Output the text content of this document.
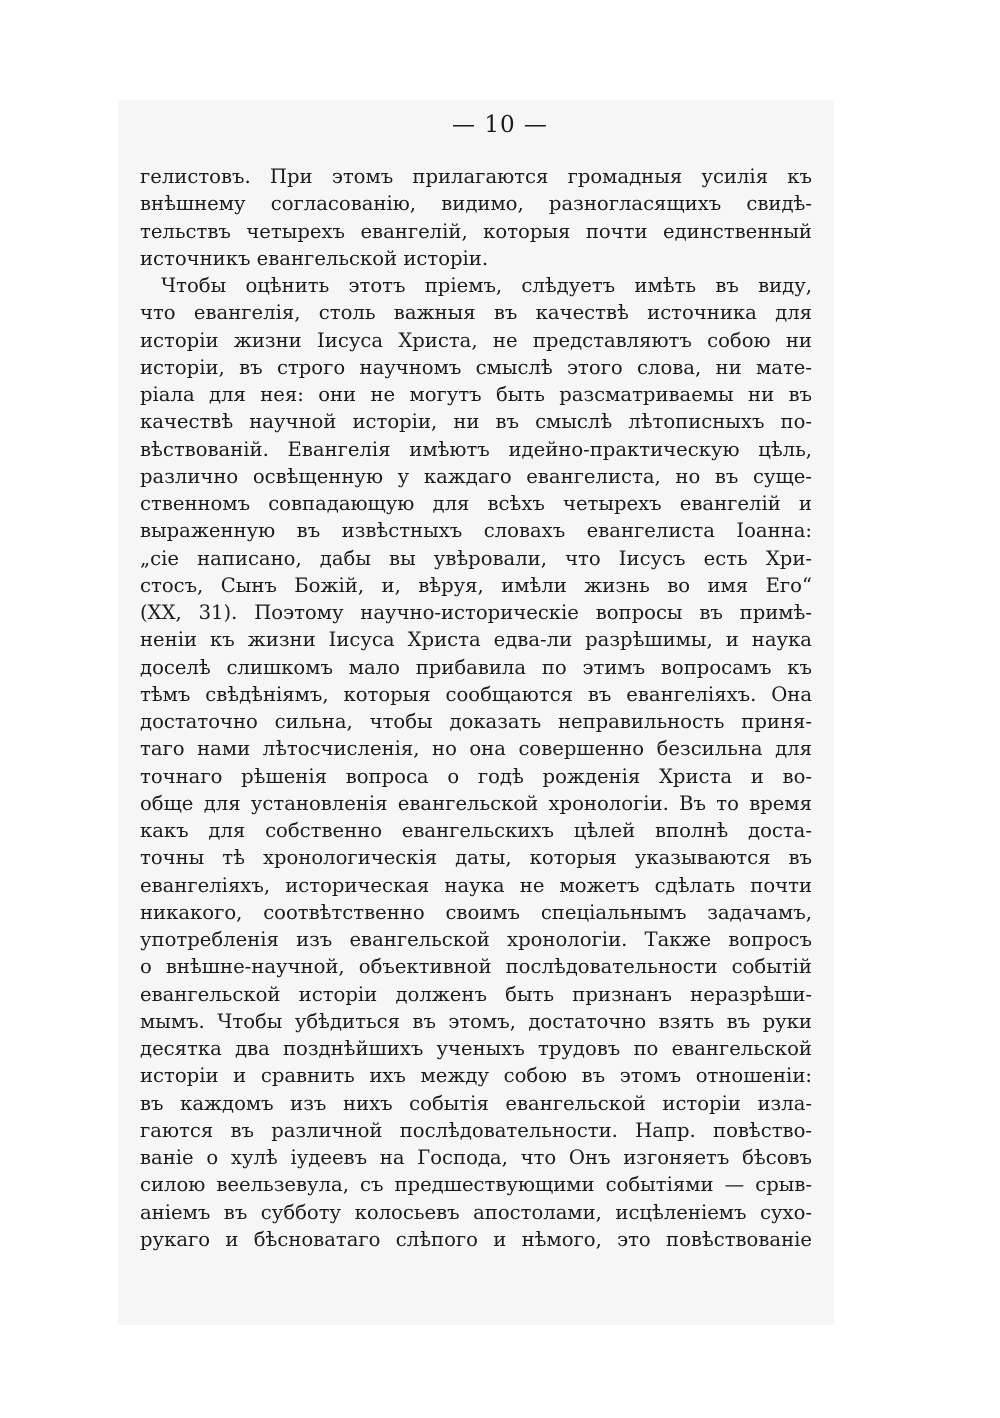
— 10 —
гелистовъ. При этомъ прилагаются громадныя усилія къ
внѣшнему согласованію, видимо, разногласящихъ свидѣ-
тельствъ четырехъ евангелій, которыя почти единственный
источникъ евангельской исторіи.
Чтобы оцѣнить этотъ пріемъ, слѣдуетъ имѣть въ виду,
что евангелія, столь важныя въ качествѣ источника для
исторіи жизни Іисуса Христа, не представляютъ собою ни
исторіи, въ строго научномъ смыслѣ этого слова, ни мате-
ріала для нея: они не могутъ быть разсматриваемы ни въ
качествѣ научной исторіи, ни въ смыслѣ лѣтописныхъ по-
вѣствованій. Евангелія имѣютъ идейно-практическую цѣль,
различно освѣщенную у каждаго евангелиста, но въ суще-
ственномъ совпадающую для всѣхъ четырехъ евангелій и
выраженную въ извѣстныхъ словахъ евангелиста Іоанна:
„сіе написано, дабы вы увѣровали, что Іисусъ есть Хри-
стосъ, Сынъ Божій, и, вѣруя, имѣли жизнь во имя Его“
(XX, 31). Поэтому научно-историческіе вопросы въ примѣ-
неніи къ жизни Іисуса Христа едва-ли разрѣшимы, и наука
доселѣ слишкомъ мало прибавила по этимъ вопросамъ къ
тѣмъ свѣдѣніямъ, которыя сообщаются въ евангеліяхъ. Она
достаточно сильна, чтобы доказать неправильность приня-
таго нами лѣтосчисленія, но она совершенно безсильна для
точнаго рѣшенія вопроса о годѣ рожденія Христа и во-
обще для установленія евангельской хронологіи. Въ то время
какъ для собственно евангельскихъ цѣлей вполнѣ доста-
точны тѣ хронологическія даты, которыя указываются въ
евангеліяхъ, историческая наука не можетъ сдѣлать почти
никакого, соотвѣтственно своимъ спеціальнымъ задачамъ,
употребленія изъ евангельской хронологіи. Также вопросъ
о внѣшне-научной, объективной послѣдовательности событій
евангельской исторіи долженъ быть признанъ неразрѣши-
мымъ. Чтобы убѣдиться въ этомъ, достаточно взять въ руки
десятка два позднѣйшихъ ученыхъ трудовъ по евангельской
исторіи и сравнить ихъ между собою въ этомъ отношеніи:
въ каждомъ изъ нихъ событія евангельской исторіи изла-
гаются въ различной послѣдовательности. Напр. повѣство-
ваніе о хулѣ іудеевъ на Господа, что Онъ изгоняетъ бѣсовъ
силою веельзевула, съ предшествующими событіями — срыв-
аніемъ въ субботу колосьевъ апостолами, исцѣленіемъ сухо-
рукаго и бѣсноватаго слѣпого и нѣмого, это повѣствованіе
